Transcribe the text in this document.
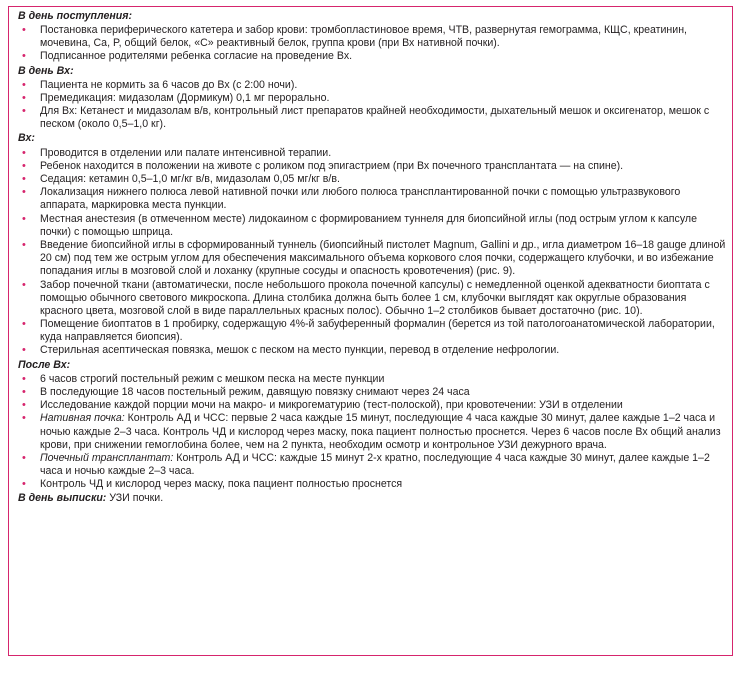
В день поступления:
• Постановка периферического катетера и забор крови: тромбопластиновое время, ЧТВ, развернутая гемограмма, КЩС, креатинин, мочевина, Ca, P, общий белок, «С» реактивный белок, группа крови (при Вх нативной почки).
• Подписанное родителями ребенка согласие на проведение Вх.
В день Вх:
• Пациента не кормить за 6 часов до Вх (с 2:00 ночи).
• Премедикация: мидазолам (Дормикум) 0,1 мг перорально.
• Для Вх: Кетанест и мидазолам в/в, контрольный лист препаратов крайней необходимости, дыхательный мешок и оксигенатор, мешок с песком (около 0,5–1,0 кг).
Вх:
• Проводится в отделении или палате интенсивной терапии.
• Ребенок находится в положении на животе с роликом под эпигастрием (при Вх почечного трансплантата — на спине).
• Седация: кетамин 0,5–1,0 мг/кг в/в, мидазолам 0,05 мг/кг в/в.
• Локализация нижнего полюса левой нативной почки или любого полюса трансплантированной почки с помощью ультразвукового аппарата, маркировка места пункции.
• Местная анестезия (в отмеченном месте) лидокаином с формированием туннеля для биопсийной иглы (под острым углом к капсуле почки) с помощью шприца.
• Введение биопсийной иглы в сформированный туннель (биопсийный пистолет Magnum, Gallini и др., игла диаметром 16–18 gauge длиной 20 см) под тем же острым углом для обеспечения максимального объема коркового слоя почки, содержащего клубочки, и во избежание попадания иглы в мозговой слой и лоханку (крупные сосуды и опасность кровотечения) (рис. 9).
• Забор почечной ткани (автоматически, после небольшого прокола почечной капсулы) с немедленной оценкой адекватности биоптата с помощью обычного светового микроскопа. Длина столбика должна быть более 1 см, клубочки выглядят как округлые образования красного цвета, мозговой слой в виде параллельных красных полос). Обычно 1–2 столбиков бывает достаточно (рис. 10).
• Помещение биоптатов в 1 пробирку, содержащую 4%-й забуференный формалин (берется из той патологоанатомической лаборатории, куда направляется биопсия).
• Стерильная асептическая повязка, мешок с песком на место пункции, перевод в отделение нефрологии.
После Вх:
• 6 часов строгий постельный режим с мешком песка на месте пункции
• В последующие 18 часов постельный режим, давящую повязку снимают через 24 часа
• Исследование каждой порции мочи на макро- и микрогематурию (тест-полоской), при кровотечении: УЗИ в отделении
• Нативная почка: Контроль АД и ЧСС: первые 2 часа каждые 15 минут, последующие 4 часа каждые 30 минут, далее каждые 1–2 часа и ночью каждые 2–3 часа. Контроль ЧД и кислород через маску, пока пациент полностью проснется. Через 6 часов после Вх общий анализ крови, при снижении гемоглобина более, чем на 2 пункта, необходим осмотр и контрольное УЗИ дежурного врача.
• Почечный трансплантат: Контроль АД и ЧСС: каждые 15 минут 2-х кратно, последующие 4 часа каждые 30 минут, далее каждые 1–2 часа и ночью каждые 2–3 часа.
• Контроль ЧД и кислород через маску, пока пациент полностью проснется
В день выписки: УЗИ почки.
